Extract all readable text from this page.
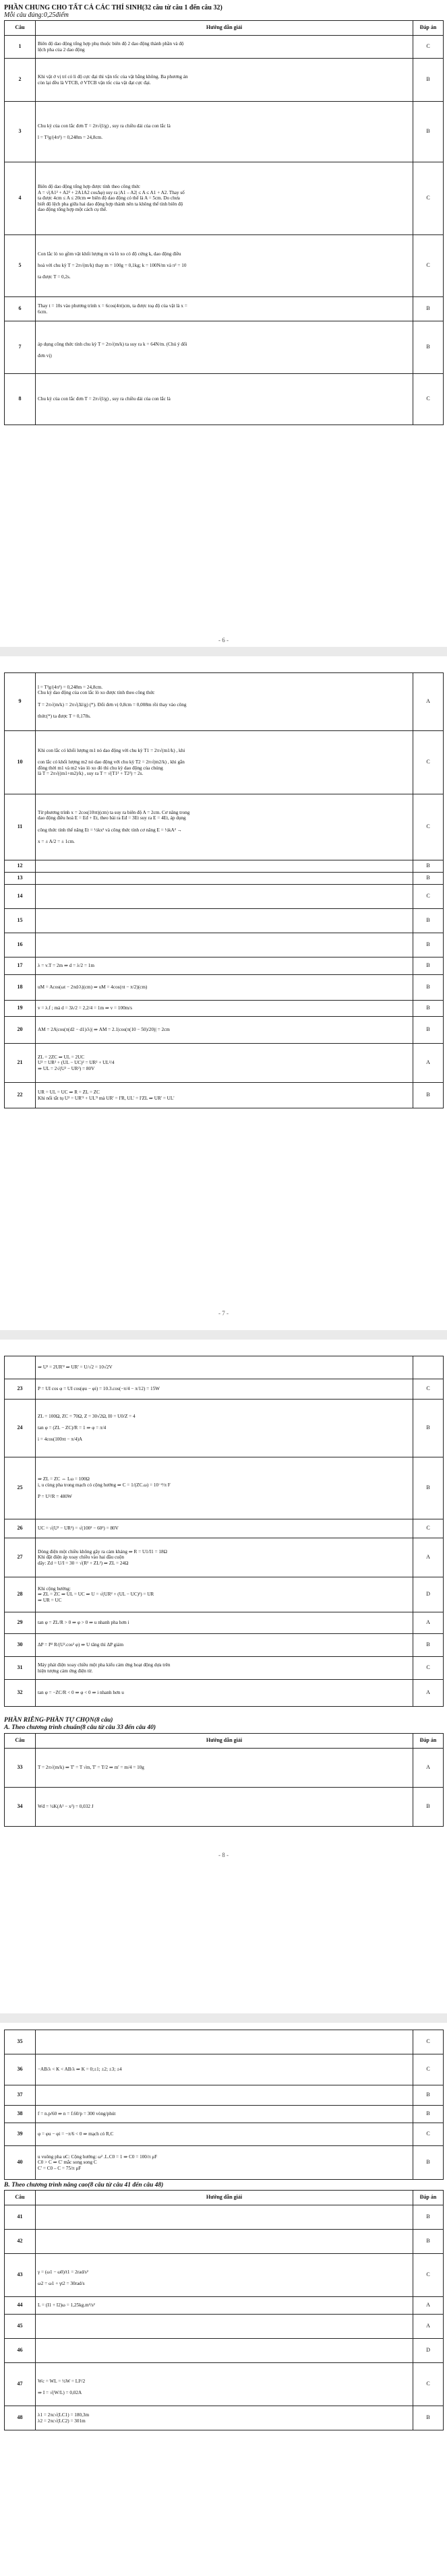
PHẦN CHUNG CHO TẤT CẢ CÁC THÍ SINH(32 câu từ câu 1 đến câu 32)
Mỗi câu đúng:0,25điểm
Câu	Hướng dẫn giải	Đáp án
1	Biên độ dao động tổng hợp phụ thuộc biên độ 2 dao động thành phần và độ
lệch pha của 2 dao động	C
2	Khi vật ở vị trí có li độ cực đại thì vận tốc của vật bằng không. Ba phương án
còn lại đều là VTCB, ở VTCB vận tốc của vật đạt cực đại.	B
3	Chu kỳ của con lắc đơn T = 2π√(l/g) , suy ra chiều dài của con lắc là

l = T²g/(4π²) = 0,248m = 24,8cm.	B
4	Biên độ dao động tổng hợp được tính theo công thức
A = √(A1² + A2² + 2A1A2 cosΔφ) suy ra |A1 – A2| ≤ A ≤ A1 + A2. Thay số
ta được 4cm ≤ A ≤ 20cm ⇒ biên độ dao động có thể là A = 5cm. Do chưa
biết độ lệch pha giữa hai dao động hợp thành nên ta không thể tính biên độ
dao động tổng hợp một cách cụ thể.	C
5	Con lắc lò xo gồm vật khối lượng m và lò xo có độ cứng k, dao động điều

hoà với chu kỳ T = 2π√(m/k) thay m = 100g = 0,1kg; k = 100N/m và π² = 10

ta được T = 0,2s.	C
6	Thay t = 10s vào phương trình x = 6cos(4πt)cm, ta được toạ độ của vật là x =
6cm.	B
7	áp dụng công thức tính chu kỳ T = 2π√(m/k) ta suy ra k = 64N/m. (Chú ý đổi

đơn vị)	B
8	Chu kỳ của con lắc đơn T = 2π√(l/g) , suy ra chiều dài của con lắc là	C
- 6 -
9	l = T²g/(4π²) = 0,248m = 24,8cm.
Chu kỳ dao động của con lắc lò xo được tính theo công thức

T = 2π√(m/k) = 2π√(Δl/g) (*). Đổi đơn vị 0,8cm = 0,008m rồi thay vào công

thức(*) ta được T = 0,178s.	A
10	Khi con lắc có khối lượng m1 nó dao động với chu kỳ T1 = 2π√(m1/k) , khi

con lắc có khối lượng m2 nó dao động với chu kỳ T2 = 2π√(m2/k) , khi gắn
đồng thời m1 và m2 vào lò xo đó thì chu kỳ dao động của chúng
là T = 2π√((m1+m2)/k) , suy ra T = √(T1² + T2²) = 2s.	C
11	Từ phương trình x = 2cos(10πt)(cm) ta suy ra biên độ A = 2cm. Cơ năng trong
dao động điều hoà E = Eđ + Et, theo bài ra Eđ = 3Et suy ra E = 4Et, áp dụng

công thức tính thế năng Et = ½kx² và công thức tính cơ năng E = ½kA² →

x = ± A/2 = ± 1cm.	C
12		B
13		B
14		C
15		B
16		B
17	λ = v.T = 2m ⇒ d = λ/2 = 1m	B
18	uM = Acos(ωt − 2πd/λ)(cm) ⇒ uM = 4cos(πt − π/2)(cm)	B
19	v = λ.f ; mà d = 3λ/2 = 2,2/4 = 1m ⇒ v = 100m/s	B
20	AM = 2A|cos(π(d2 − d1)/λ)| ⇒ AM = 2.1|cos(π(10 − 50)/20)| = 2cm	B
21	ZL = 2ZC ⇒ UL = 2UC
U² = UR² + (UL − UC)² = UR² + UL²/4
⇒ UL = 2√(U² − UR²) = 80V	A
22	UR = UL = UC ⇒ R = ZL = ZC
Khi nối tắt tụ U² = UR'² + UL'² mà UR' = I'R, UL' = I'ZL ⇒ UR' = UL'	B
- 7 -

	⇒ U² = 2UR'² ⇒ UR' = U/√2 = 10√2V	

23	P = UI cos φ = UI cos(φu − φi) = 10.3.cos(−π/4 − π/12) = 15W	C
24	ZL = 100Ω, ZC = 70Ω, Z = 30√2Ω, I0 = U0/Z = 4

tan φ = (ZL − ZC)/R = 1 ⇒ φ = π/4

i = 4cos(100πt − π/4)A	B
25	⇒ ZL = ZC ⇔ Lω = 100Ω
i, u cùng pha trong mạch có cộng hưởng ⇒ C = 1/(ZC.ω) = 10⁻⁴/π F

P = U²/R = 480W	B
26	UC = √(U² − UR²) = √(100² − 60²) = 80V	C
27	Dòng điện một chiều không gây ra cảm kháng ⇒ R = U1/I1 = 18Ω
Khi đặt điện áp xoay chiều vào hai đầu cuộn
dây: Zd = U/I = 30 = √(R² + ZL²) ⇒ ZL = 24Ω	A
28	Khi cộng hưởng:
⇒ ZL = ZC ⇒ UL = UC ⇒ U = √(UR² + (UL − UC)²) = UR
⇒ UR = UC	D
29	tan φ = ZL/R > 0 ⇒ φ > 0 ⇒ u nhanh pha hơn i	A
30	ΔP = P² R/(U².cos² φ) ⇒ U tăng thì ΔP giảm	B
31	Máy phát điện xoay chiều một pha kiểu cảm ứng hoạt động dựa trên
hiện tượng cảm ứng điện từ.	C
32	tan φ = −ZC/R < 0 ⇒ φ < 0 ⇒ i nhanh hơn u	A
PHẦN RIÊNG-PHẦN TỰ CHỌN(8 câu)
A. Theo chương trình chuẩn(8 câu từ câu 33 đến câu 40)
Câu	Hướng dẫn giải	Đáp án
33	T = 2π√(m/k) ⇒ T' = T √m, T' = T/2 ⇒ m' = m/4 = 10g	A
34	Wđ = ½K(A² − x²) = 0,032 J	B
- 8 -
35		C
36	−AB/λ < K < AB/λ ⇒ K = 0;±1; ±2; ±3; ±4	C
37		B
38	f = n.p/60 ⇒ n = f.60/p = 300 vòng/phút	B
39	φ = φu − φi = −π/6 < 0 ⇒ mạch có R,C	C
40	u vuông pha uC: Cộng hưởng: ω² .L.C0 = 1 ⇒ C0 = 100/π μF
C0 > C ⇒ C' mắc song song C
C' = C0 – C = 75/π μF	B
B. Theo chương trình nâng cao(8 câu từ câu 41 đến câu 48)
Câu	Hướng dẫn giải	Đáp án
41		B
42		B
43	γ = (ω1 − ω0)/t1 = 2rad/s²

ω2 = ω1 + γt2 = 30rad/s	C
44	L = (I1 + I2)ω = 1,25kg.m²/s²	A
45		A
46		D
47	Wc = WL = ½W = LI²/2

⇒ I = √(W/L) = 0,02A	C
48	λ1 = 2πc√(LC1) = 180,3m
λ2 = 2πc√(LC2) = 301m	B
